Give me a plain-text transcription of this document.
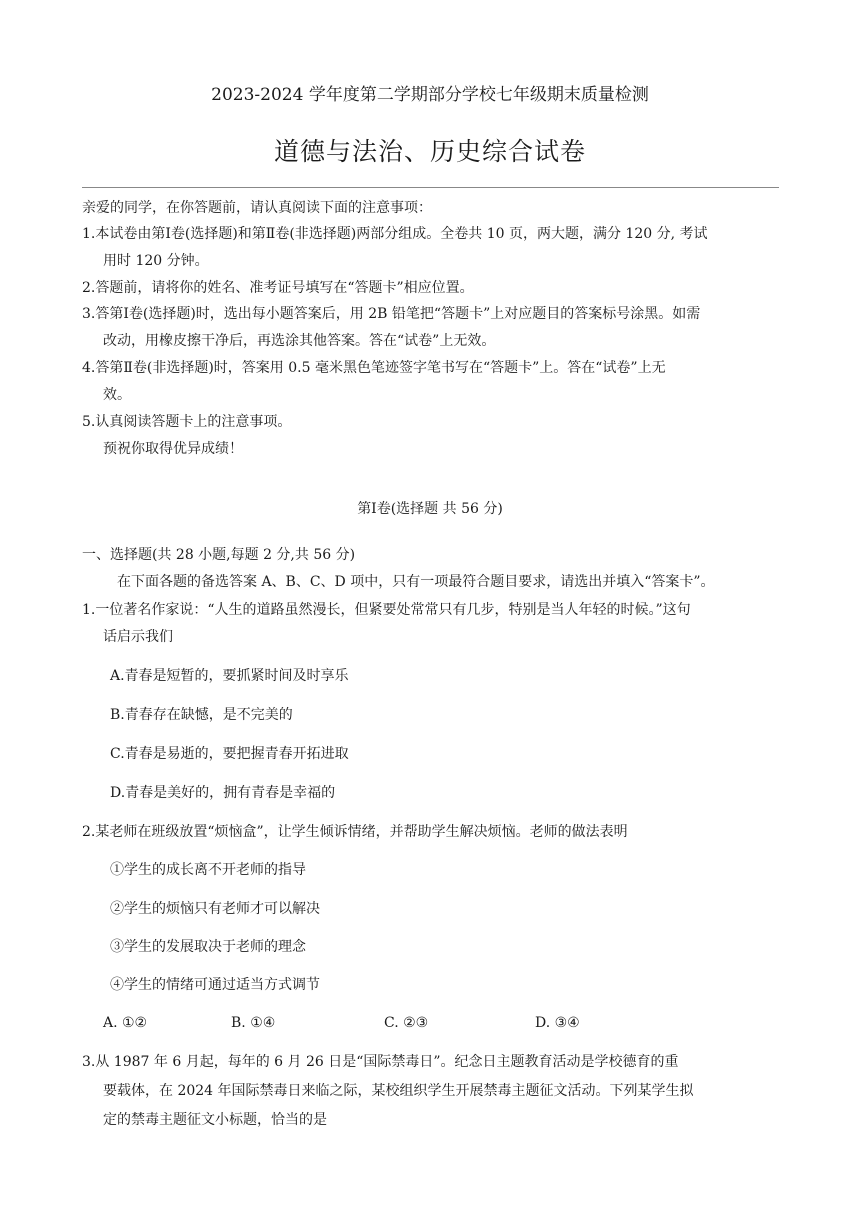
2023-2024 学年度第二学期部分学校七年级期末质量检测
道德与法治、历史综合试卷
亲爱的同学，在你答题前，请认真阅读下面的注意事项：
1.本试卷由第Ⅰ卷(选择题)和第Ⅱ卷(非选择题)两部分组成。全卷共 10 页，两大题，满分 120 分, 考试
用时 120 分钟。
2.答题前，请将你的姓名、准考证号填写在“答题卡”相应位置。
3.答第Ⅰ卷(选择题)时，选出每小题答案后，用 2B 铅笔把“答题卡”上对应题目的答案标号涂黑。如需
改动，用橡皮擦干净后，再选涂其他答案。答在“试卷”上无效。
4.答第Ⅱ卷(非选择题)时，答案用 0.5 毫米黑色笔迹签字笔书写在“答题卡”上。答在“试卷”上无
效。
5.认真阅读答题卡上的注意事项。
预祝你取得优异成绩！
第Ⅰ卷(选择题 共 56 分)
一、选择题(共 28 小题,每题 2 分,共 56 分)
在下面各题的备选答案 A、B、C、D 项中，只有一项最符合题目要求，请选出并填入“答案卡”。
1.一位著名作家说：“人生的道路虽然漫长，但紧要处常常只有几步，特别是当人年轻的时候。”这句
话启示我们
A.青春是短暂的，要抓紧时间及时享乐
B.青春存在缺憾，是不完美的
C.青春是易逝的，要把握青春开拓进取
D.青春是美好的，拥有青春是幸福的
2.某老师在班级放置“烦恼盒”，让学生倾诉情绪，并帮助学生解决烦恼。老师的做法表明
①学生的成长离不开老师的指导
②学生的烦恼只有老师才可以解决
③学生的发展取决于老师的理念
④学生的情绪可通过适当方式调节
A. ①②	B. ①④	C. ②③	D. ③④
3.从 1987 年 6 月起，每年的 6 月 26 日是“国际禁毒日”。纪念日主题教育活动是学校德育的重
要载体，在 2024 年国际禁毒日来临之际，某校组织学生开展禁毒主题征文活动。下列某学生拟
定的禁毒主题征文小标题，恰当的是
